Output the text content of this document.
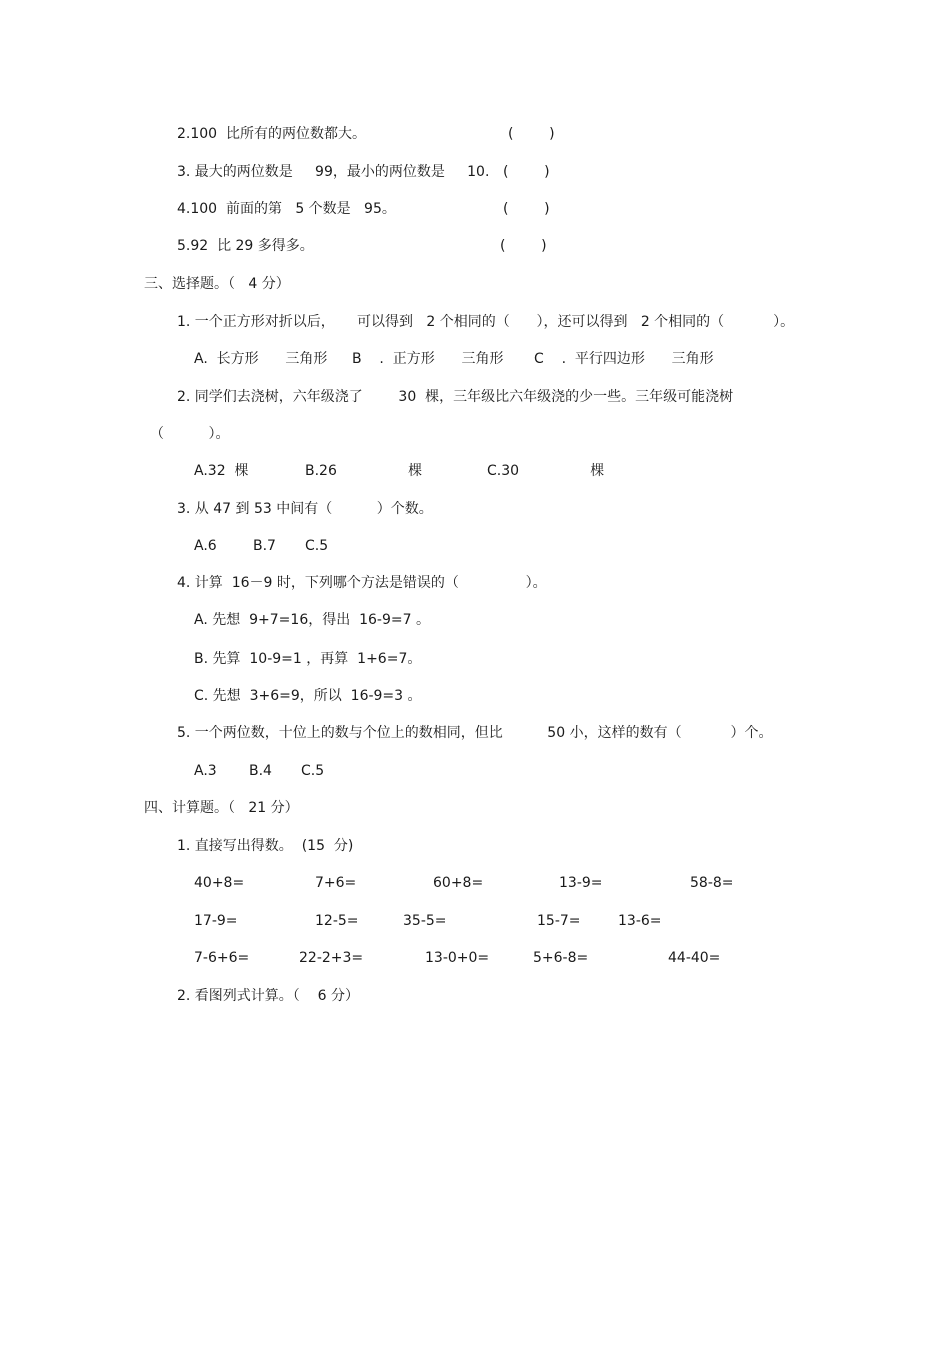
2.100  比所有的两位数都大。	(        )
3. 最大的两位数是     99，最小的两位数是     10. (        )
4.100  前面的第   5 个数是   95。	(        )
5.92  比 29 多得多。	(        )
三、选择题。（   4 分）
1. 一个正方形对折以后，     可以得到   2 个相同的（      ），还可以得到   2 个相同的（           ）。
A.  长方形      三角形 B    .  正方形      三角形 C    .  平行四边形      三角形
2. 同学们去浇树，六年级浇了        30  棵，三年级比六年级浇的少一些。三年级可能浇树
（          ）。
A.32  棵	B.26                棵	C.30                棵
3. 从 47 到 53 中间有（          ）个数。
A.6	B.7 C.5
4. 计算  16－9 时，下列哪个方法是错误的（               ）。
A. 先想  9+7=16，得出  16-9=7 。
B. 先算  10-9=1 ，再算  1+6=7。
C. 先想  3+6=9，所以  16-9=3 。
5. 一个两位数，十位上的数与个位上的数相同，但比          50 小，这样的数有（           ）个。
A.3 B.4 C.5
四、计算题。（   21 分）
1. 直接写出得数。  (15  分)
40+8=	7+6=	60+8=	13-9=	58-8=
17-9=	12-5=	35-5=	15-7=	13-6=
7-6+6=	22-2+3=	13-0+0=	5+6-8=	44-40=
2. 看图列式计算。（    6 分）
